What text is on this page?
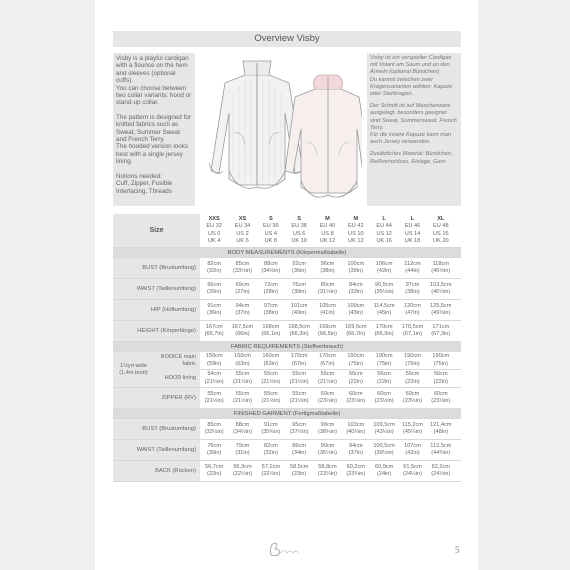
Overview Visby

Visby is a playful cardigan with a flounce on the hem and sleeves (optional cuffs).
You can choose between two collar variants: hood or stand-up collar.

The pattern is designed for knitted fabrics such as Sweat, Summer Sweat and French Terry.
The hooded version looks best with a single jersey lining.

Notions needed:
Cuff, Zipper, Fusible Interfacing, Threads

Visby ist ein verspielter Cardigan mit Volant am Saum und an den Ärmeln (optional Bündchen)
Du kannst zwischen zwei Kragenvarianten wählen: Kapuze oder Stehkragen.

Der Schnitt ist auf Maschenware ausgelegt, besonders geeignet sind Sweat, Sommersweat, French Terry.
Für die innere Kapuze kann man auch Jersey verwenden.

Zusätzliches Material: Bündchen, Reißverschluss, Einlage, Garn

Size
XXS
EU 32
US 0
UK 4
XS
EU 34
US 2
UK 6
S
EU 36
US 4
UK 8
S
EU 38
US 6
UK 10
M
EU 40
US 8
UK 12
M
EU 42
US 10
UK 12
L
EU 44
US 12
UK 16
L
EU 46
US 14
UK 18
XL
EU 48
US 16
UK 20
BODY MEASUREMENTS (Körpermaßtabelle)
BUST (Brustumfang)
82cm
(32in)
85cm
(33½in)
88cm
(34½in)
92cm
(36in)
96cm
(38in)
100cm
(39in)
106cm
(42in)
112cm
(44in)
118cm
(46½in)
WAIST (Taillenumfang)
66cm
(26in)
69cm
(27in)
72cm
(28in)
76cm
(30in)
80cm
(31½in)
84cm
(33in)
90,5cm
(35½in)
97cm
(38in)
103,5cm
(40½in)
HIP (Hüftumfang)
91cm
(36in)
94cm
(37in)
97cm
(38in)
101cm
(40in)
105cm
(41in)
109cm
(43in)
114,5cm
(45in)
120cm
(47in)
125,5cm
(49½in)
HEIGHT (Körperlänge)
167cm
(65,7in)
167,5cm
(66in)
168cm
(66,1in)
168,5cm
(66,3in)
169cm
(66,5in)
169,5cm
(66,7in)
170cm
(66,9in)
170,5cm
(67,1in)
171cm
(67,3in)
FABRIC REQUIREMENTS (Stoffverbrauch)
1½yd wide (1,4m breit)
BODICE main fabric
HOOD lining
150cm
(59in)
160cm
(63in)
160cm
(63in)
170cm
(67in)
170cm
(67in)
190cm
(75in)
190cm
(75in)
190cm
(75in)
190cm
(75in)
54cm
(21¼in)
55cm
(21½in)
55cm
(21½in)
55cm
(21½in)
55cm
(21½in)
56cm
(22in)
56cm
(22in)
56cm
(22in)
56cm
(22in)
ZIPPER (RV)
55cm
(21½in)
55cm
(21½in)
55cm
(21½in)
55cm
(21½in)
60cm
(23½in)
60cm
(23½in)
60cm
(23½in)
60cm
(23½in)
60cm
(23½in)
FINISHED GARMENT (Fertigmaßtabelle)
BUST (Brustumfang)
85cm
(33½in)
88cm
(34½in)
91cm
(35¾in)
95cm
(37½in)
99cm
(38¾in)
103cm
(40½in)
109,5cm
(43¼in)
115,2cm
(45¼in)
121,4cm
(48in)
WAIST (Taillenumfang)
76cm
(30in)
79cm
(31in)
82cm
(32in)
86cm
(34in)
90cm
(35½in)
94cm
(37in)
100,5cm
(39½in)
107cm
(42in)
113,5cm
(44¾in)
BACK (Rücken)
56,7cm
(22in)
56,9cm
(22½in)
57,1cm
(22½in)
58,5cm
(23in)
58,8cm
(23¼in)
60,2cm
(23¾in)
60,9cm
(24in)
61,5cm
(24¼in)
62,2cm
(24½in)
5
